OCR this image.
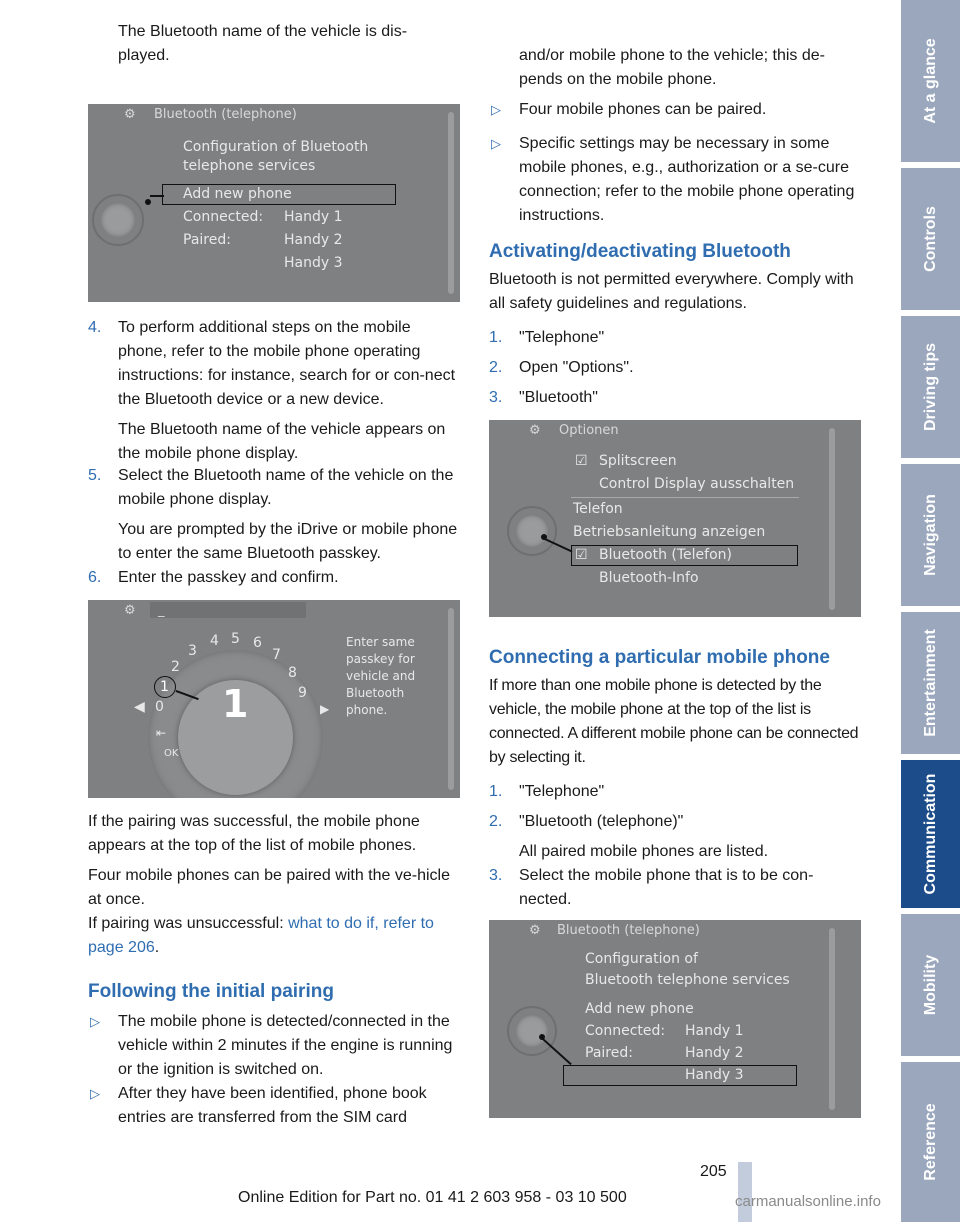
The Bluetooth name of the vehicle is dis-
played.

4. To perform additional steps on the mobile phone, refer to the mobile phone operating instructions: for instance, search for or con-nect the Bluetooth device or a new device.

The Bluetooth name of the vehicle appears on the mobile phone display.

5. Select the Bluetooth name of the vehicle on the mobile phone display.

You are prompted by the iDrive or mobile phone to enter the same Bluetooth passkey.

6. Enter the passkey and confirm.

If the pairing was successful, the mobile phone appears at the top of the list of mobile phones.

Four mobile phones can be paired with the ve-hicle at once.

If pairing was unsuccessful: what to do if, refer to page 206.

Following the initial pairing
▷ The mobile phone is detected/connected in the vehicle within 2 minutes if the engine is running or the ignition is switched on.

▷ After they have been identified, phone book entries are transferred from the SIM card

⚙ Bluetooth (telephone)
Configuration of Bluetooth
telephone services
Add new phone
Connected: Handy 1
Paired:	Handy 2
Handy 3
⚙ _
1
0
1
2
3
4 5 6
7
8
9
◀	▶
⇤
OK
Enter same
passkey for
vehicle and
Bluetooth
phone.

and/or mobile phone to the vehicle; this de-pends on the mobile phone.

▷ Four mobile phones can be paired.

▷ Specific settings may be necessary in some mobile phones, e.g., authorization or a se-cure connection; refer to the mobile phone operating instructions.

Activating/deactivating Bluetooth

Bluetooth is not permitted everywhere. Comply with all safety guidelines and regulations.

1. "Telephone"

2. Open "Options".

3. "Bluetooth"

Connecting a particular mobile phone

If more than one mobile phone is detected by the vehicle, the mobile phone at the top of the list is connected. A different mobile phone can be connected by selecting it.

1. "Telephone"

2. "Bluetooth (telephone)"

All paired mobile phones are listed.

3. Select the mobile phone that is to be con-nected.

⚙ Optionen
☑ Splitscreen
Control Display ausschalten
Telefon
Betriebsanleitung anzeigen
☑ Bluetooth (Telefon)
Bluetooth-Info
⚙ Bluetooth (telephone)
Configuration of
Bluetooth telephone services
Add new phone
Connected: Handy 1
Paired:	Handy 2
Handy 3
At a glance
Controls
Driving tips
Navigation
Entertainment
Communication
Mobility
Reference
205
Online Edition for Part no. 01 41 2 603 958 - 03 10 500	carmanualsonline.info
